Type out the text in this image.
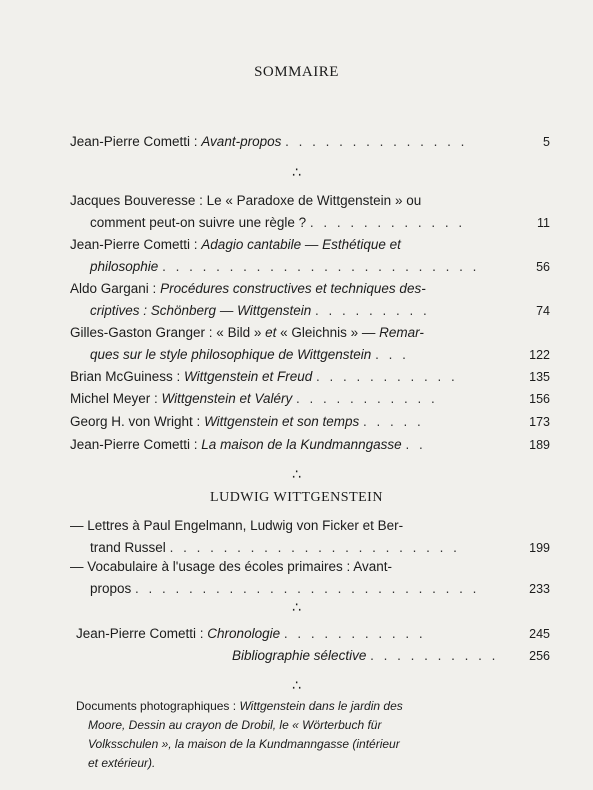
SOMMAIRE
Jean-Pierre Cometti : Avant-propos . . . . . . . . . . . . . .	5
∴
Jacques Bouveresse : Le « Paradoxe de Wittgenstein » ou
comment peut-on suivre une règle ? . . . . . . . . . . . .	11
Jean-Pierre Cometti : Adagio cantabile — Esthétique et
philosophie . . . . . . . . . . . . . . . . . . . . . . . .	56
Aldo Gargani : Procédures constructives et techniques des-
criptives : Schönberg — Wittgenstein . . . . . . . . .	74
Gilles-Gaston Granger : « Bild » et « Gleichnis » — Remar-
ques sur le style philosophique de Wittgenstein . . .	122
Brian McGuiness : Wittgenstein et Freud . . . . . . . . . . .	135
Michel Meyer : Wittgenstein et Valéry . . . . . . . . . . .	156
Georg H. von Wright : Wittgenstein et son temps . . . . .	173
Jean-Pierre Cometti : La maison de la Kundmanngasse . .	189
∴
LUDWIG WITTGENSTEIN
— Lettres à Paul Engelmann, Ludwig von Ficker et Ber-
trand Russel . . . . . . . . . . . . . . . . . . . . . .	199
— Vocabulaire à l'usage des écoles primaires : Avant-
propos . . . . . . . . . . . . . . . . . . . . . . . . . .	233
∴
Jean-Pierre Cometti : Chronologie . . . . . . . . . . .	245
Bibliographie sélective . . . . . . . . . . 256
∴
Documents photographiques : Wittgenstein dans le jardin des
Moore, Dessin au crayon de Drobil, le « Wörterbuch für
Volksschulen », la maison de la Kundmanngasse (intérieur
et extérieur).
